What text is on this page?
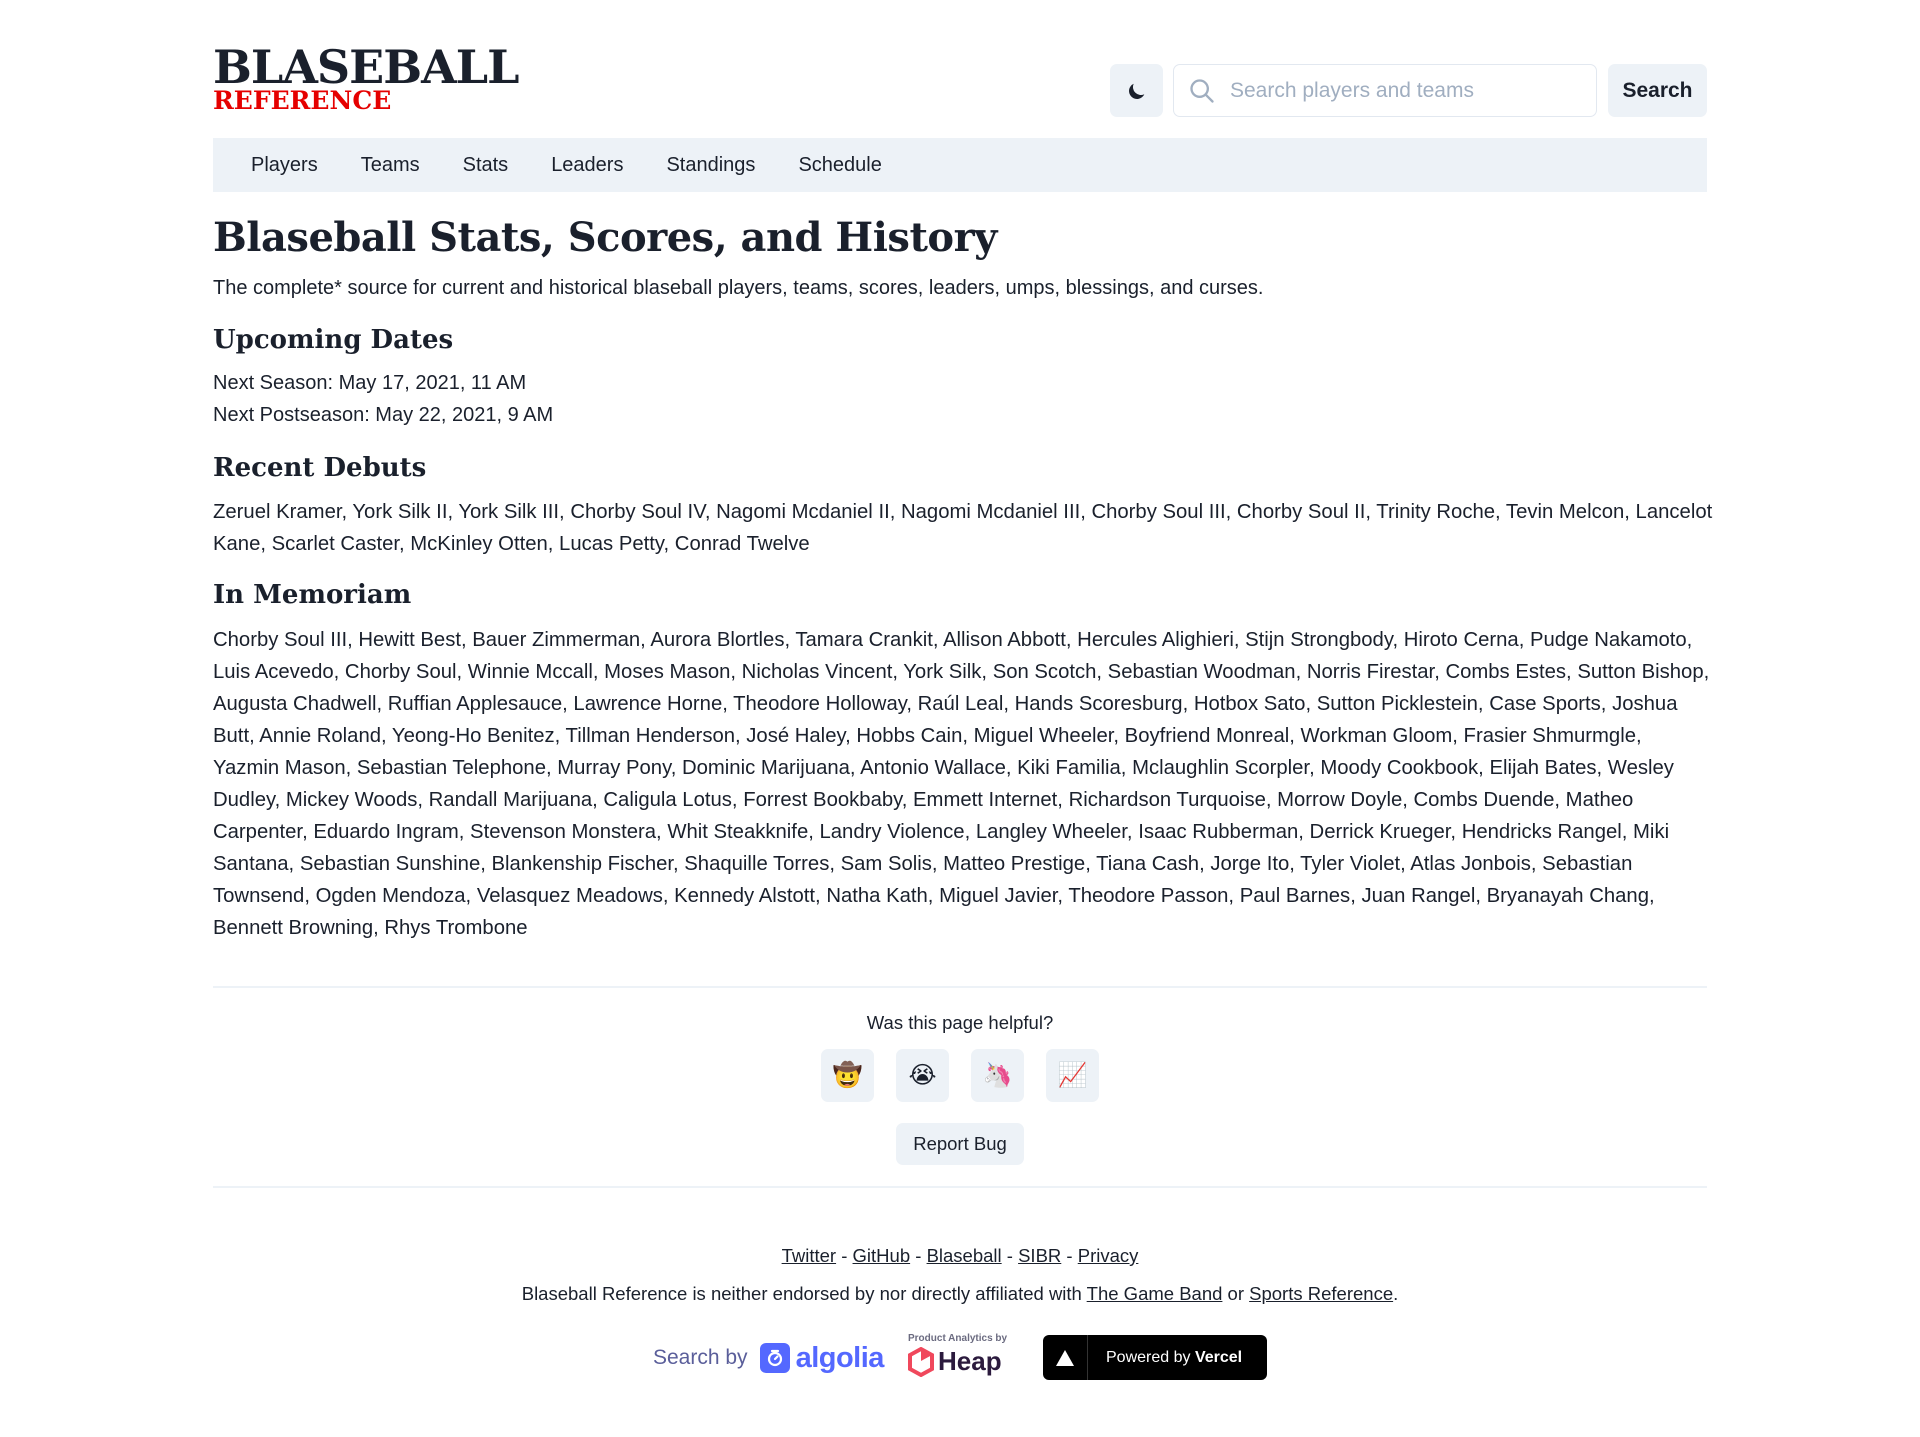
BLASEBALL
REFERENCE
Search players and teams	Search
Players Teams Stats Leaders Standings Schedule
Blaseball Stats, Scores, and History

The complete* source for current and historical blaseball players, teams, scores, leaders, umps, blessings, and curses.

Upcoming Dates

Next Season: May 17, 2021, 11 AM

Next Postseason: May 22, 2021, 9 AM

Recent Debuts

Zeruel Kramer, York Silk II, York Silk III, Chorby Soul IV, Nagomi Mcdaniel II, Nagomi Mcdaniel III, Chorby Soul III, Chorby Soul II, Trinity Roche, Tevin Melcon, Lancelot Kane, Scarlet Caster, McKinley Otten, Lucas Petty, Conrad Twelve

In Memoriam

Chorby Soul III, Hewitt Best, Bauer Zimmerman, Aurora Blortles, Tamara Crankit, Allison Abbott, Hercules Alighieri, Stijn Strongbody, Hiroto Cerna, Pudge Nakamoto, Luis Acevedo, Chorby Soul, Winnie Mccall, Moses Mason, Nicholas Vincent, York Silk, Son Scotch, Sebastian Woodman, Norris Firestar, Combs Estes, Sutton Bishop, Augusta Chadwell, Ruffian Applesauce, Lawrence Horne, Theodore Holloway, Raúl Leal, Hands Scoresburg, Hotbox Sato, Sutton Picklestein, Case Sports, Joshua Butt, Annie Roland, Yeong-Ho Benitez, Tillman Henderson, José Haley, Hobbs Cain, Miguel Wheeler, Boyfriend Monreal, Workman Gloom, Frasier Shmurmgle, Yazmin Mason, Sebastian Telephone, Murray Pony, Dominic Marijuana, Antonio Wallace, Kiki Familia, Mclaughlin Scorpler, Moody Cookbook, Elijah Bates, Wesley Dudley, Mickey Woods, Randall Marijuana, Caligula Lotus, Forrest Bookbaby, Emmett Internet, Richardson Turquoise, Morrow Doyle, Combs Duende, Matheo Carpenter, Eduardo Ingram, Stevenson Monstera, Whit Steakknife, Landry Violence, Langley Wheeler, Isaac Rubberman, Derrick Krueger, Hendricks Rangel, Miki Santana, Sebastian Sunshine, Blankenship Fischer, Shaquille Torres, Sam Solis, Matteo Prestige, Tiana Cash, Jorge Ito, Tyler Violet, Atlas Jonbois, Sebastian Townsend, Ogden Mendoza, Velasquez Meadows, Kennedy Alstott, Natha Kath, Miguel Javier, Theodore Passon, Paul Barnes, Juan Rangel, Bryanayah Chang, Bennett Browning, Rhys Trombone

Was this page helpful?

🤠 😭 🦄 📈
Report Bug
Twitter - GitHub - Blaseball - SIBR - Privacy

Blaseball Reference is neither endorsed by nor directly affiliated with The Game Band or Sports Reference.

Search by algolia
Product Analytics by
Heap	Powered by Vercel
